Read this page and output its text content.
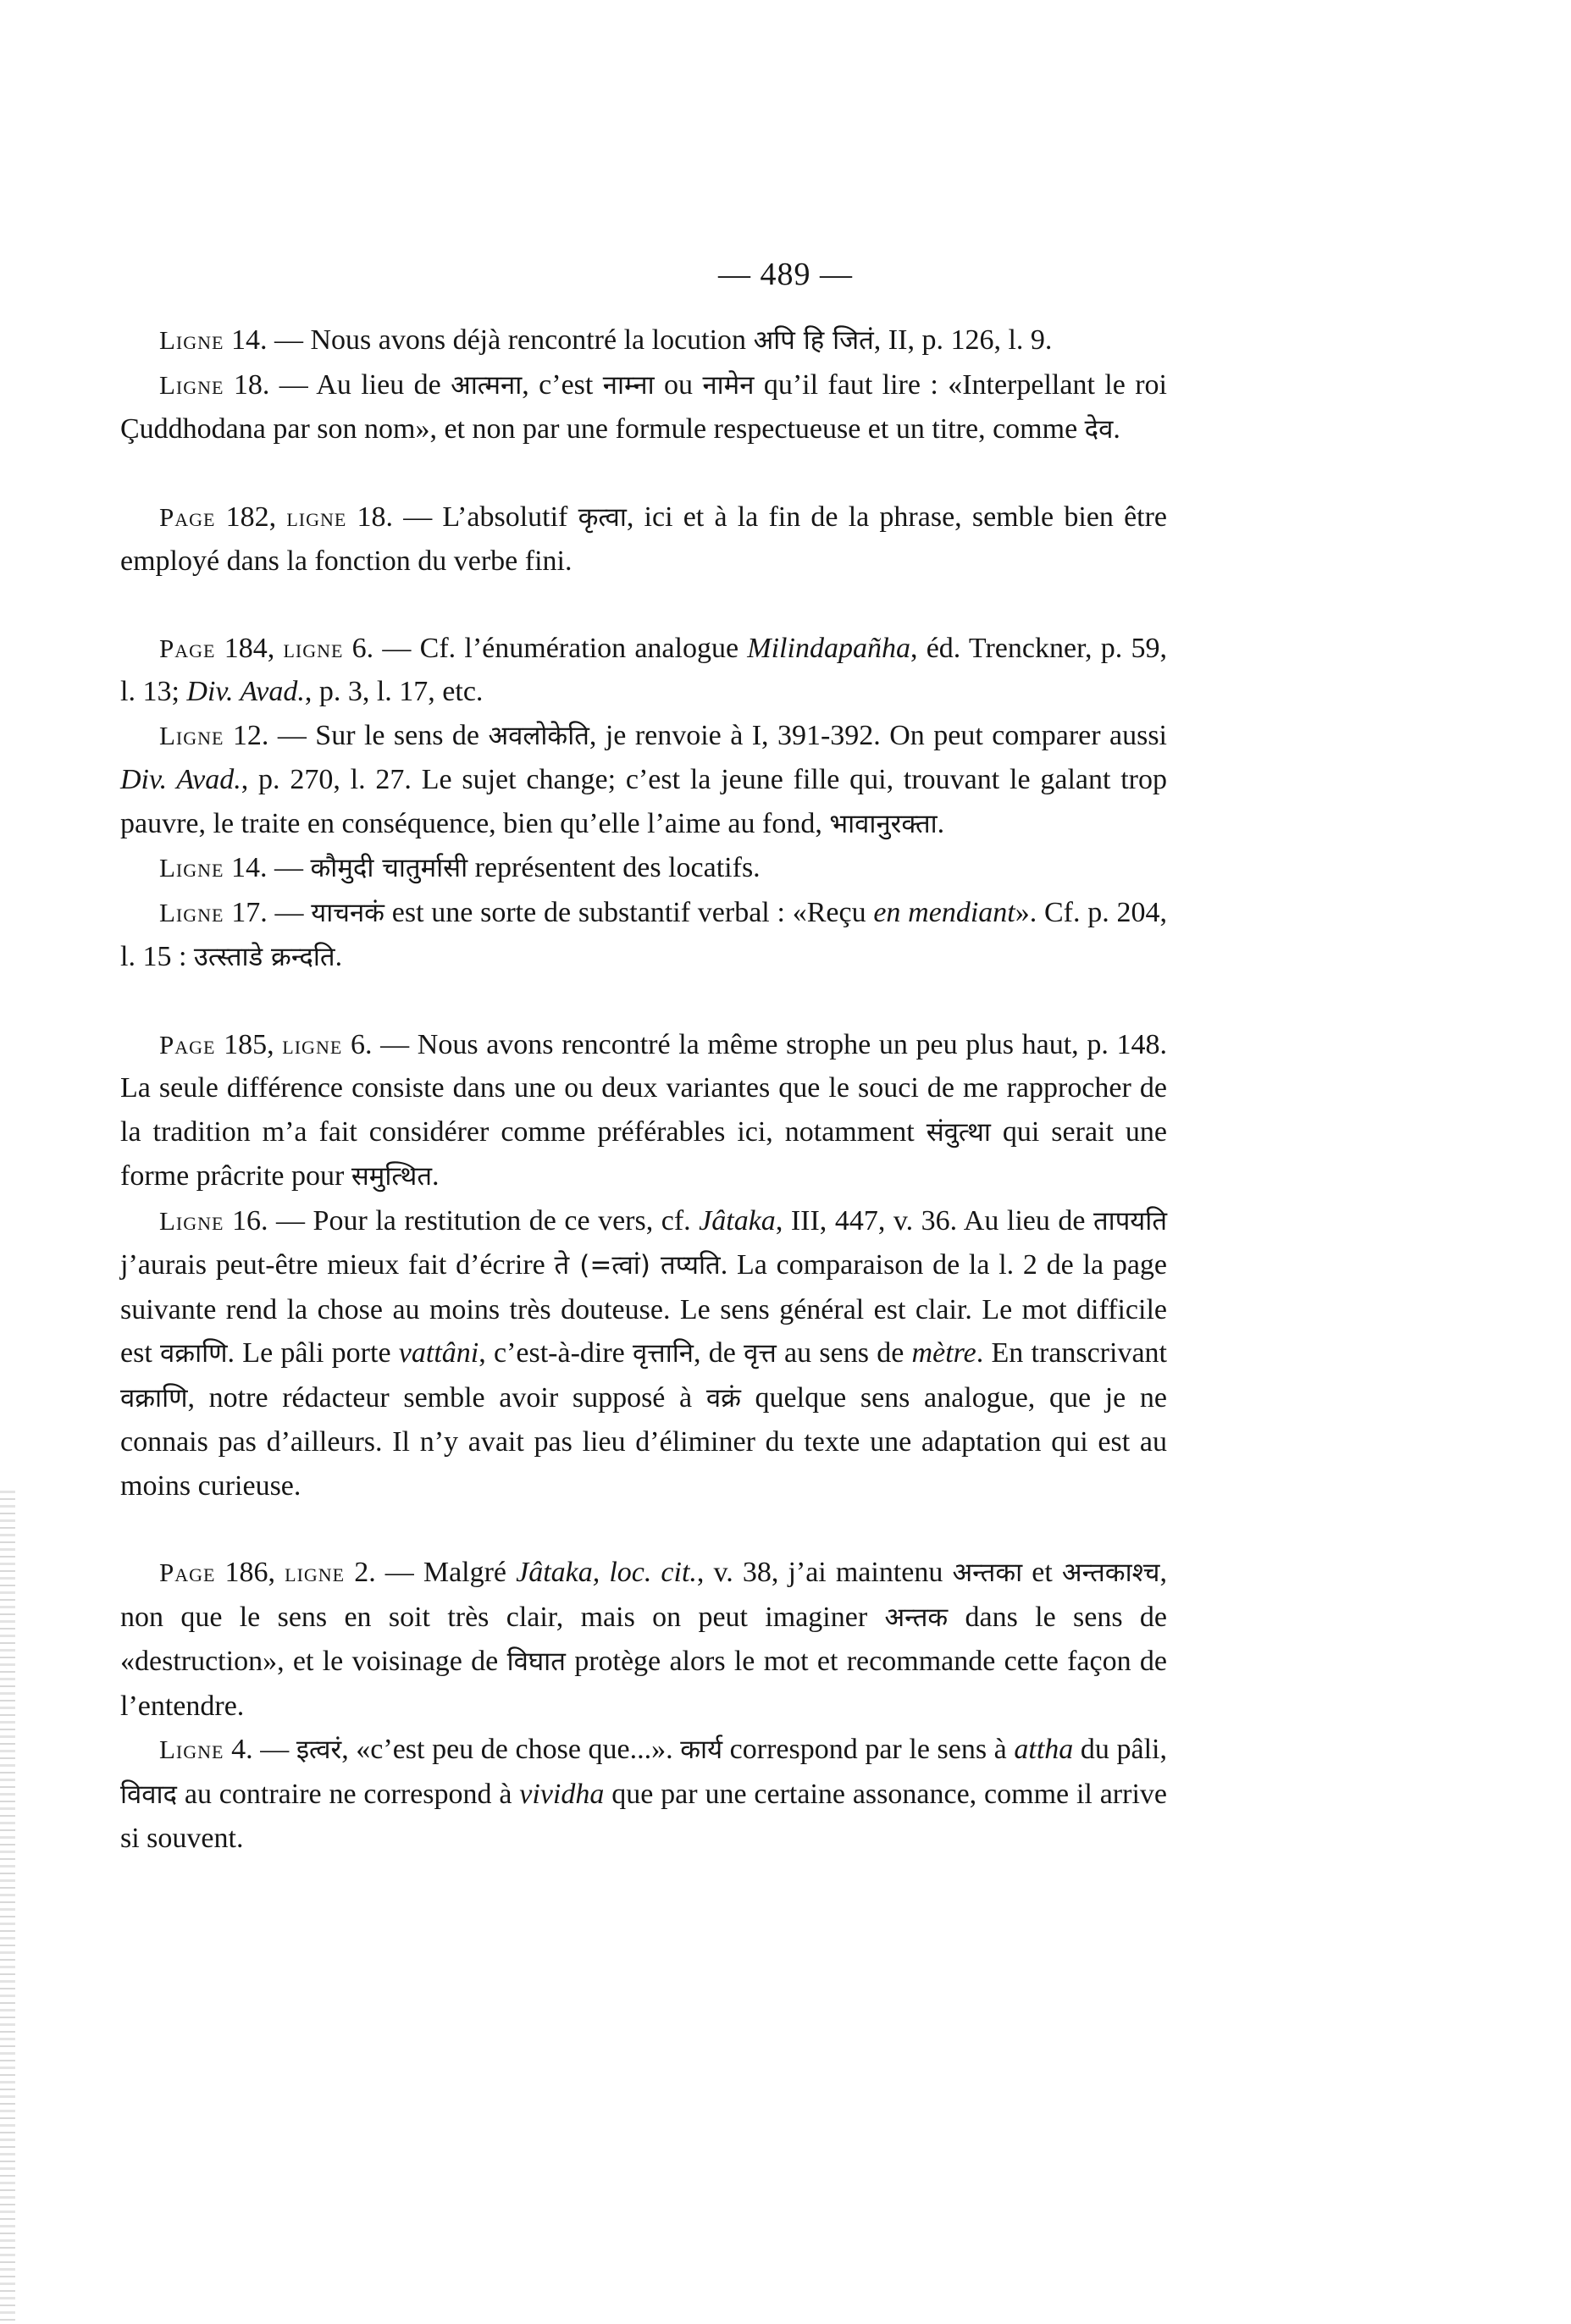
— 489 —

Ligne 14. — Nous avons déjà rencontré la locution अपि हि जितं, II, p. 126, l. 9.

Ligne 18. — Au lieu de आत्मना, c’est नाम्ना ou नामेन qu’il faut lire : «Interpellant le roi Çuddhodana par son nom», et non par une formule respectueuse et un titre, comme देव.

Page 182, ligne 18. — L’absolutif कृत्वा, ici et à la fin de la phrase, semble bien être employé dans la fonction du verbe fini.

Page 184, ligne 6. — Cf. l’énumération analogue Milindapañha, éd. Trenckner, p. 59, l. 13; Div. Avad., p. 3, l. 17, etc.

Ligne 12. — Sur le sens de अवलोकेति, je renvoie à I, 391-392. On peut comparer aussi Div. Avad., p. 270, l. 27. Le sujet change; c’est la jeune fille qui, trouvant le galant trop pauvre, le traite en conséquence, bien qu’elle l’aime au fond, भावानुरक्ता.

Ligne 14. — कौमुदी चातुर्मासी représentent des locatifs.

Ligne 17. — याचनकं est une sorte de substantif verbal : «Reçu en mendiant». Cf. p. 204, l. 15 : उत्स्ताडे क्रन्दति.

Page 185, ligne 6. — Nous avons rencontré la même strophe un peu plus haut, p. 148. La seule différence consiste dans une ou deux variantes que le souci de me rapprocher de la tradition m’a fait considérer comme préférables ici, notamment संवुत्था qui serait une forme prâcrite pour समुत्थित.

Ligne 16. — Pour la restitution de ce vers, cf. Jâtaka, III, 447, v. 36. Au lieu de तापयति j’aurais peut-être mieux fait d’écrire ते (=त्वां) तप्यति. La comparaison de la l. 2 de la page suivante rend la chose au moins très douteuse. Le sens général est clair. Le mot difficile est वक्राणि. Le pâli porte vattâni, c’est-à-dire वृत्तानि, de वृत्त au sens de mètre. En transcrivant वक्राणि, notre rédacteur semble avoir supposé à वक्रं quelque sens analogue, que je ne connais pas d’ailleurs. Il n’y avait pas lieu d’éliminer du texte une adaptation qui est au moins curieuse.

Page 186, ligne 2. — Malgré Jâtaka, loc. cit., v. 38, j’ai maintenu अन्तका et अन्तकाश्च, non que le sens en soit très clair, mais on peut imaginer अन्तक dans le sens de «destruction», et le voisinage de विघात protège alors le mot et recommande cette façon de l’entendre.

Ligne 4. — इत्वरं, «c’est peu de chose que...». कार्य correspond par le sens à attha du pâli, विवाद au contraire ne correspond à vividha que par une certaine assonance, comme il arrive si souvent.
